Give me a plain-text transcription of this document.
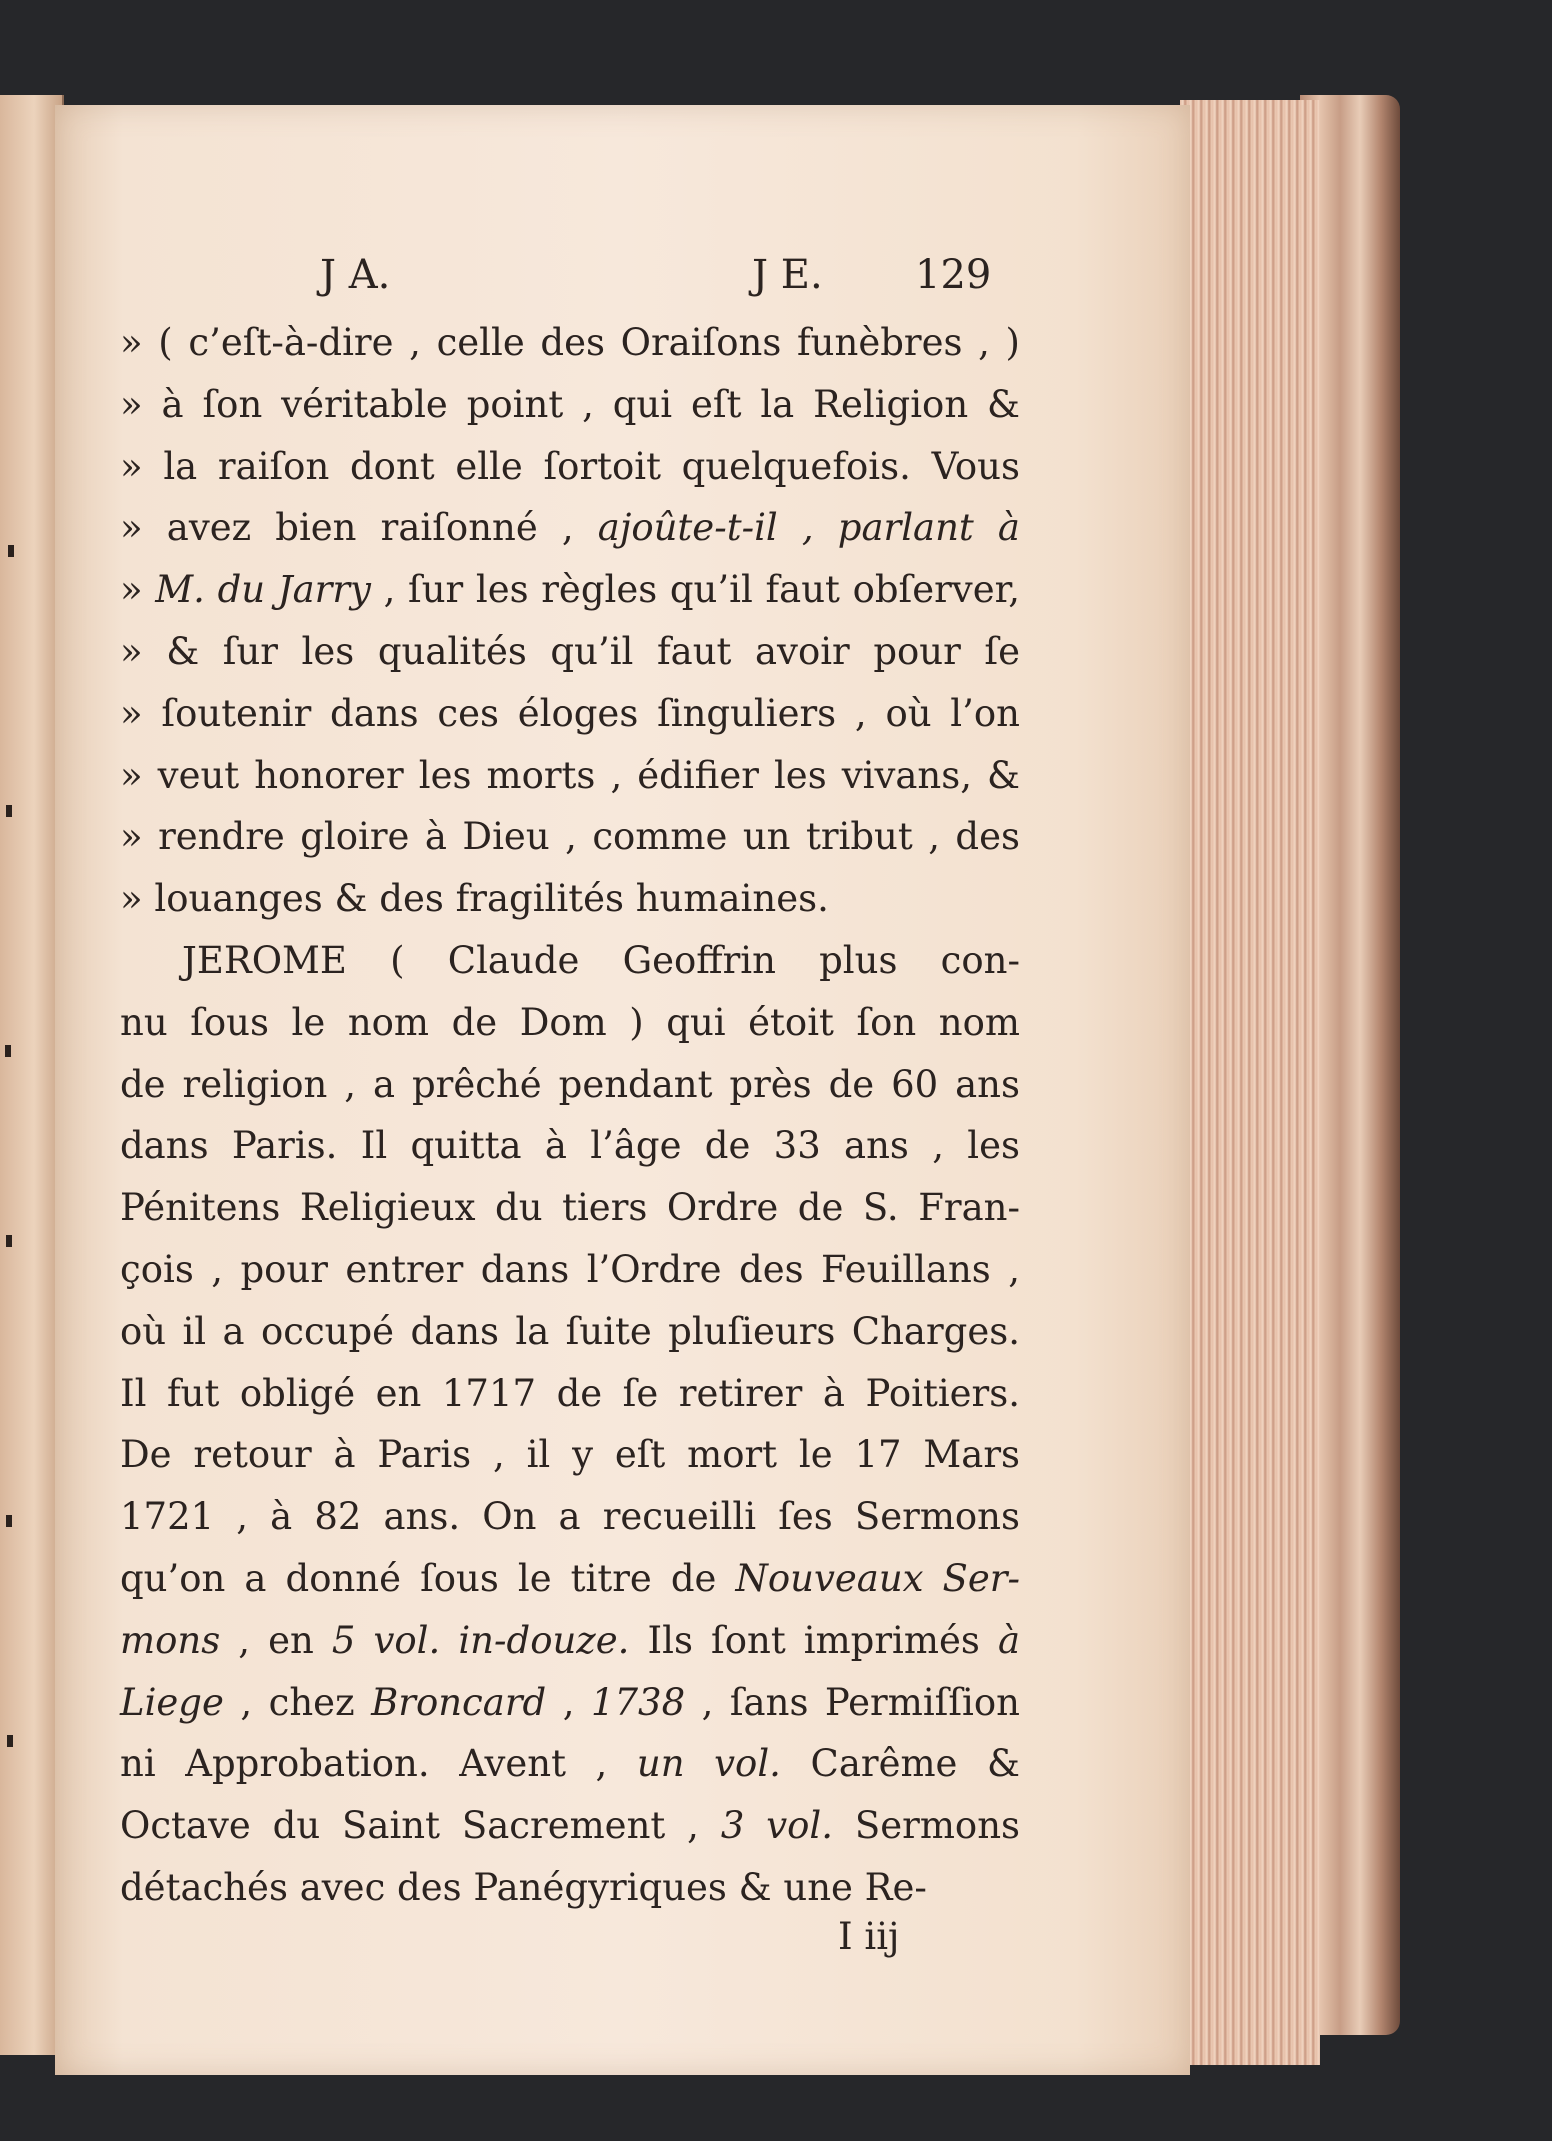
J A.	J E. 129
» ( c’eſt-à-dire , celle des Oraiſons funèbres , )
» à ſon véritable point , qui eſt la Religion &
» la raiſon dont elle ſortoit quelquefois. Vous
» avez bien raiſonné , ajoûte-t-il , parlant à
» M. du Jarry , ſur les règles qu’il faut obſerver,
» & ſur les qualités qu’il faut avoir pour ſe
» ſoutenir dans ces éloges ſinguliers , où l’on
» veut honorer les morts , édifier les vivans, &
» rendre gloire à Dieu , comme un tribut , des
» louanges & des fragilités humaines.
JEROME ( Claude Geoffrin plus con-
nu ſous le nom de Dom ) qui étoit ſon nom
de religion , a prêché pendant près de 60 ans
dans Paris. Il quitta à l’âge de 33 ans , les
Pénitens Religieux du tiers Ordre de S. Fran-
çois , pour entrer dans l’Ordre des Feuillans ,
où il a occupé dans la ſuite pluſieurs Charges.
Il fut obligé en 1717 de ſe retirer à Poitiers.
De retour à Paris , il y eſt mort le 17 Mars
1721 , à 82 ans. On a recueilli ſes Sermons
qu’on a donné ſous le titre de Nouveaux Ser-
mons , en 5 vol. in-douze. Ils ſont imprimés à
Liege , chez Broncard , 1738 , ſans Permiſſion
ni Approbation. Avent , un vol. Carême &
Octave du Saint Sacrement , 3 vol. Sermons
détachés avec des Panégyriques & une Re-
I iij
